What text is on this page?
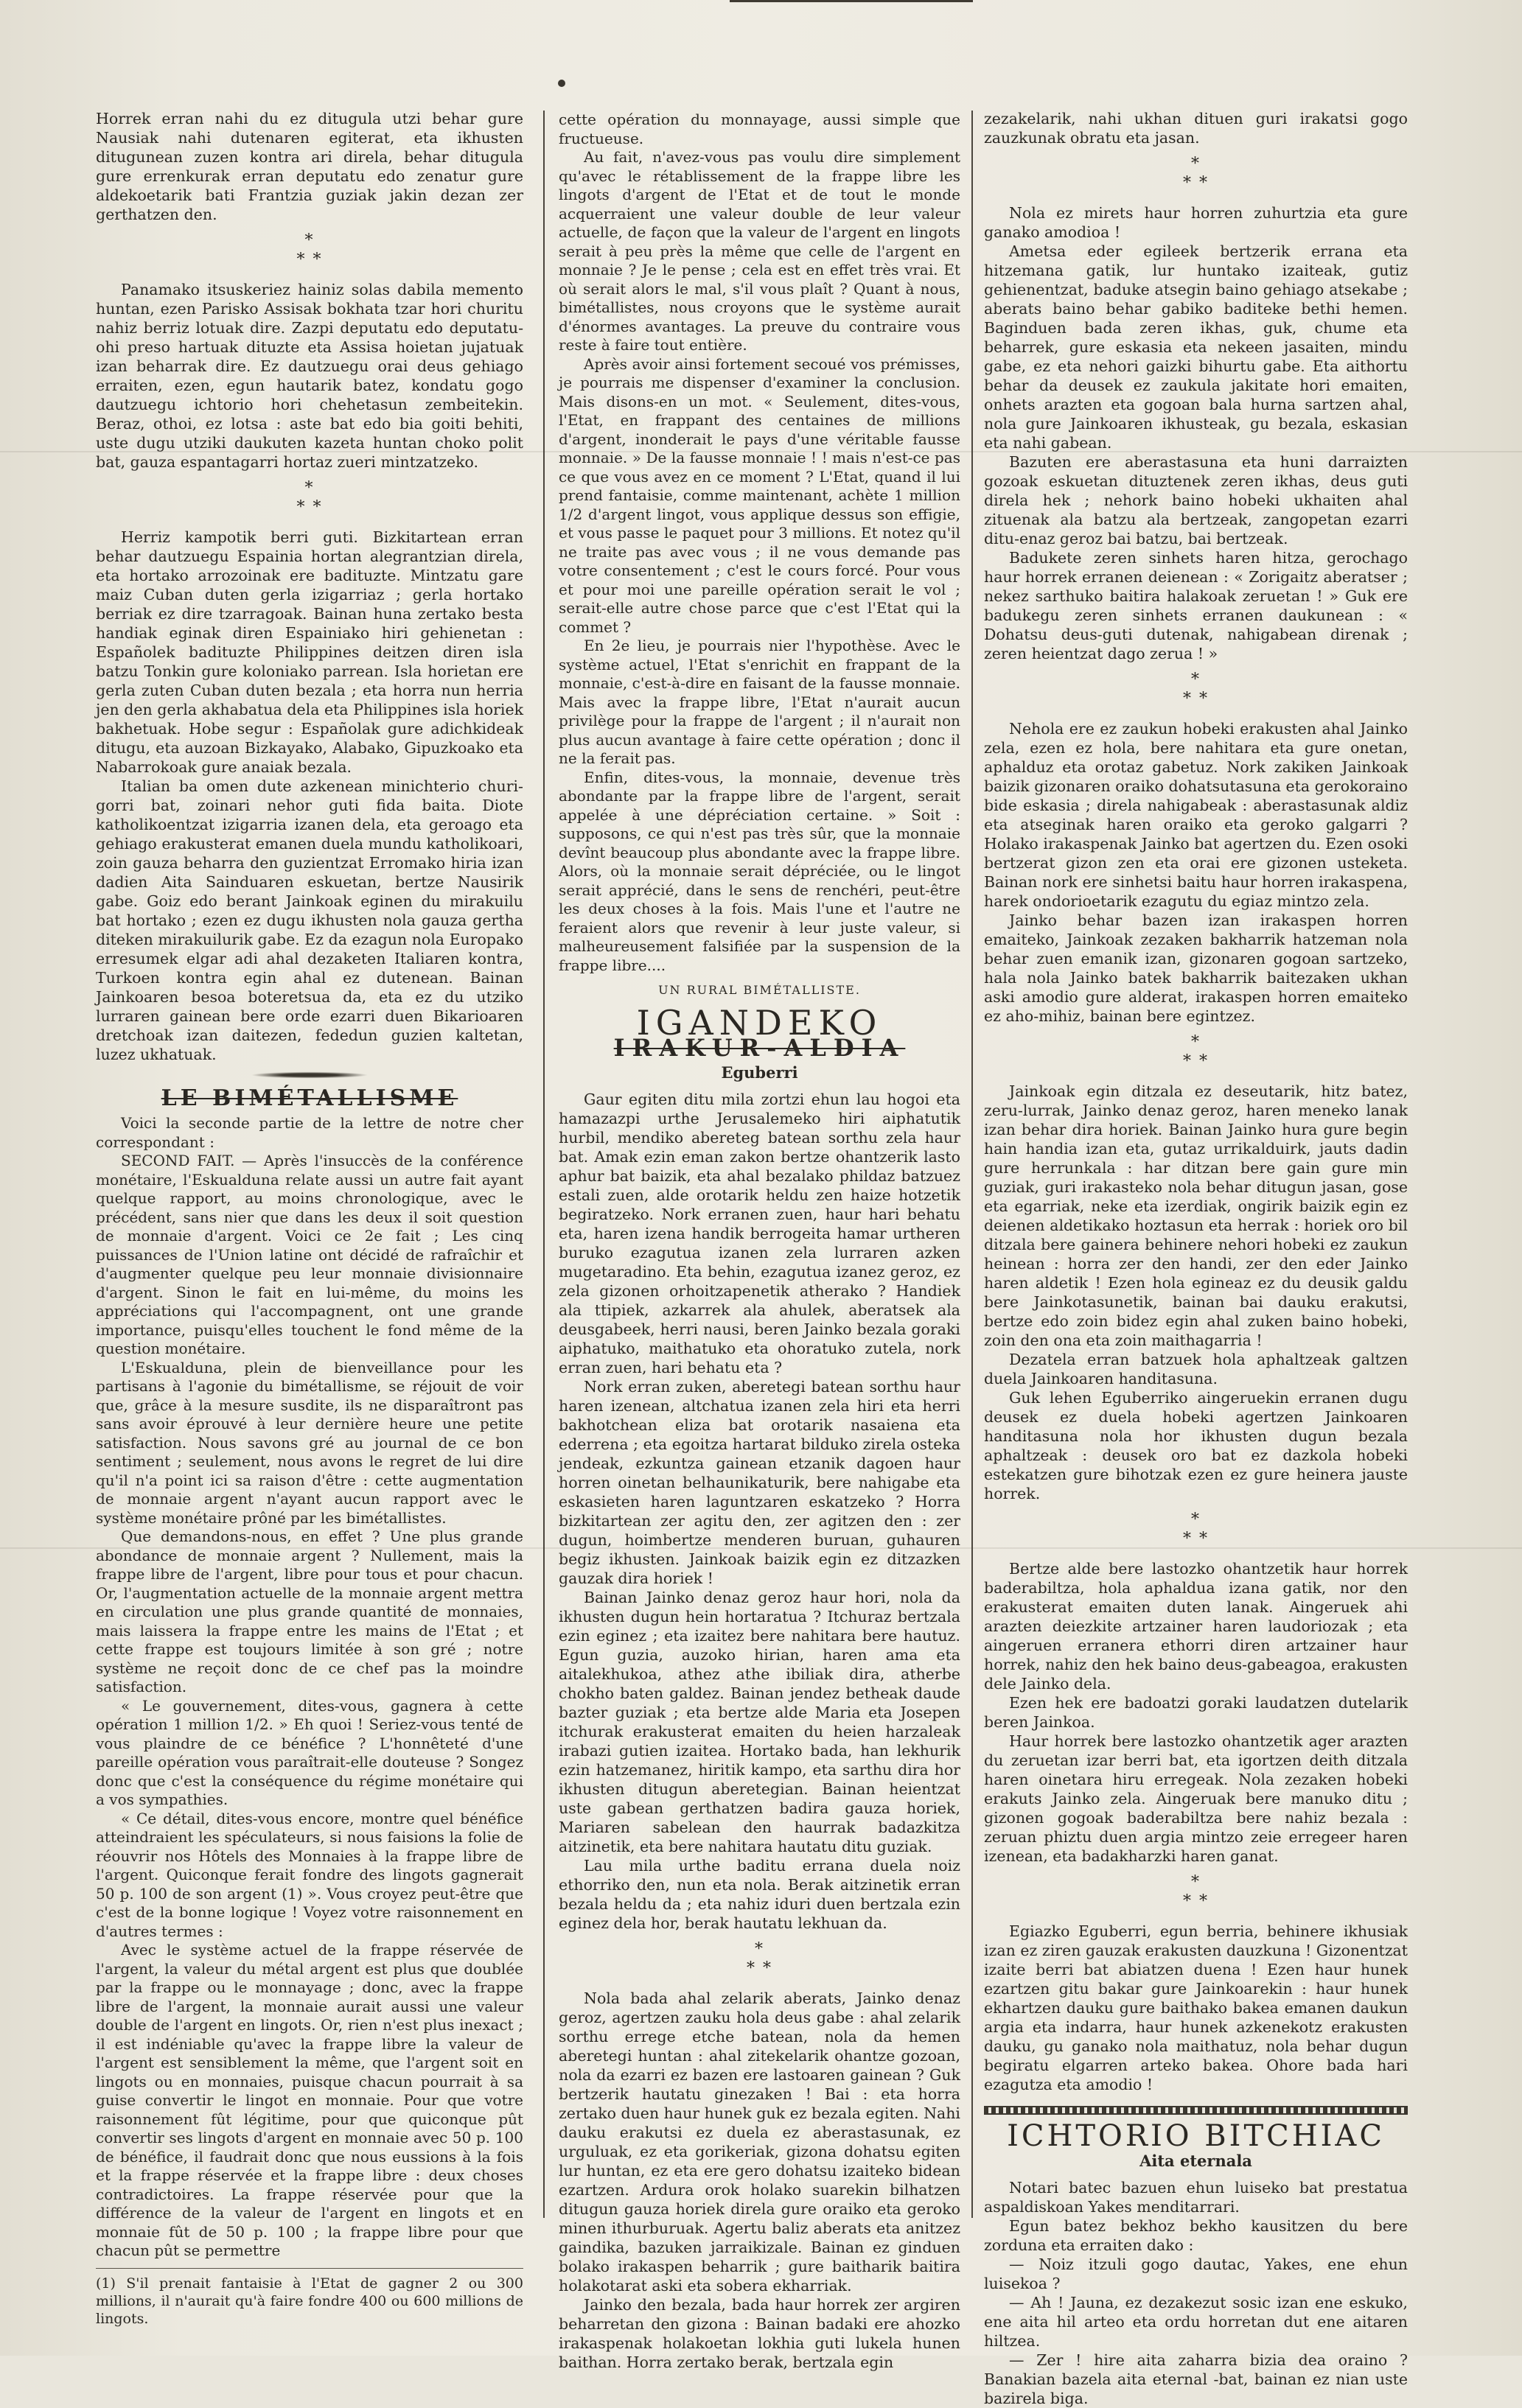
Horrek erran nahi du ez ditugula utzi behar gure Nausiak nahi dutenaren egiterat, eta ikhusten ditugunean zuzen kontra ari direla, behar ditugula gure errenkurak erran deputatu edo zenatur gure aldekoetarik bati Frantzia guziak jakin dezan zer gerthatzen den.

*
* *

Panamako itsuskeriez hainiz solas dabila memento huntan, ezen Parisko Assisak bokhata tzar hori churitu nahiz berriz lotuak dire. Zazpi deputatu edo deputatu-ohi preso hartuak dituzte eta Assisa hoietan jujatuak izan beharrak dire. Ez dautzuegu orai deus gehiago erraiten, ezen, egun hautarik batez, kondatu gogo dautzuegu ichtorio hori chehetasun zembeitekin. Beraz, othoi, ez lotsa : aste bat edo bia goiti behiti, uste dugu utziki daukuten kazeta huntan choko polit bat, gauza espantagarri hortaz zueri mintzatzeko.

*
* *

Herriz kampotik berri guti. Bizkitartean erran behar dautzuegu Espainia hortan alegrantzian direla, eta hortako arrozoinak ere badituzte. Mintzatu gare maiz Cuban duten gerla izigarriaz ; gerla hortako berriak ez dire tzarragoak. Bainan huna zertako besta handiak eginak diren Espainiako hiri gehienetan : Españolek badituzte Philippines deitzen diren isla batzu Tonkin gure koloniako parrean. Isla horietan ere gerla zuten Cuban duten bezala ; eta horra nun herria jen den gerla akhabatua dela eta Philippines isla horiek bakhetuak. Hobe segur : Españolak gure adichkideak ditugu, eta auzoan Bizkayako, Alabako, Gipuzkoako eta Nabarrokoak gure anaiak bezala.

Italian ba omen dute azkenean minichterio churi-gorri bat, zoinari nehor guti fida baita. Diote katholikoentzat izigarria izanen dela, eta geroago eta gehiago erakusterat emanen duela mundu katholikoari, zoin gauza beharra den guzientzat Erromako hiria izan dadien Aita Sainduaren eskuetan, bertze Nausirik gabe. Goiz edo berant Jainkoak eginen du mirakuilu bat hortako ; ezen ez dugu ikhusten nola gauza gertha diteken mirakuilurik gabe. Ez da ezagun nola Europako erresumek elgar adi ahal dezaketen Italiaren kontra, Turkoen kontra egin ahal ez dutenean. Bainan Jainkoaren besoa boteretsua da, eta ez du utziko lurraren gainean bere orde ezarri duen Bikarioaren dretchoak izan daitezen, fededun guzien kaltetan, luzez ukhatuak.

LE BIMÉTALLISME

Voici la seconde partie de la lettre de notre cher correspondant :

SECOND FAIT. — Après l'insuccès de la conférence monétaire, l'Eskualduna relate aussi un autre fait ayant quelque rapport, au moins chronologique, avec le précédent, sans nier que dans les deux il soit question de monnaie d'argent. Voici ce 2e fait ; Les cinq puissances de l'Union latine ont décidé de rafraîchir et d'augmenter quelque peu leur monnaie divisionnaire d'argent. Sinon le fait en lui-même, du moins les appréciations qui l'accompagnent, ont une grande importance, puisqu'elles touchent le fond même de la question monétaire.

L'Eskualduna, plein de bienveillance pour les partisans à l'agonie du bimétallisme, se réjouit de voir que, grâce à la mesure susdite, ils ne disparaîtront pas sans avoir éprouvé à leur dernière heure une petite satisfaction. Nous savons gré au journal de ce bon sentiment ; seulement, nous avons le regret de lui dire qu'il n'a point ici sa raison d'être : cette augmentation de monnaie argent n'ayant aucun rapport avec le système monétaire prôné par les bimétallistes.

Que demandons-nous, en effet ? Une plus grande abondance de monnaie argent ? Nullement, mais la frappe libre de l'argent, libre pour tous et pour chacun. Or, l'augmentation actuelle de la monnaie argent mettra en circulation une plus grande quantité de monnaies, mais laissera la frappe entre les mains de l'Etat ; et cette frappe est toujours limitée à son gré ; notre système ne reçoit donc de ce chef pas la moindre satisfaction.

« Le gouvernement, dites-vous, gagnera à cette opération 1 million 1/2. » Eh quoi ! Seriez-vous tenté de vous plaindre de ce bénéfice ? L'honnêteté d'une pareille opération vous paraîtrait-elle douteuse ? Songez donc que c'est la conséquence du régime monétaire qui a vos sympathies.

« Ce détail, dites-vous encore, montre quel bénéfice atteindraient les spéculateurs, si nous faisions la folie de réouvrir nos Hôtels des Monnaies à la frappe libre de l'argent. Quiconque ferait fondre des lingots gagnerait 50 p. 100 de son argent (1) ». Vous croyez peut-être que c'est de la bonne logique ! Voyez votre raisonnement en d'autres termes :

Avec le système actuel de la frappe réservée de l'argent, la valeur du métal argent est plus que doublée par la frappe ou le monnayage ; donc, avec la frappe libre de l'argent, la monnaie aurait aussi une valeur double de l'argent en lingots. Or, rien n'est plus inexact ; il est indéniable qu'avec la frappe libre la valeur de l'argent est sensiblement la même, que l'argent soit en lingots ou en monnaies, puisque chacun pourrait à sa guise convertir le lingot en monnaie. Pour que votre raisonnement fût légitime, pour que quiconque pût convertir ses lingots d'argent en monnaie avec 50 p. 100 de bénéfice, il faudrait donc que nous eussions à la fois et la frappe réservée et la frappe libre : deux choses contradictoires. La frappe réservée pour que la différence de la valeur de l'argent en lingots et en monnaie fût de 50 p. 100 ; la frappe libre pour que chacun pût se permettre

(1) S'il prenait fantaisie à l'Etat de gagner 2 ou 300 millions, il n'aurait qu'à faire fondre 400 ou 600 millions de lingots.

cette opération du monnayage, aussi simple que fructueuse.

Au fait, n'avez-vous pas voulu dire simplement qu'avec le rétablissement de la frappe libre les lingots d'argent de l'Etat et de tout le monde acquerraient une valeur double de leur valeur actuelle, de façon que la valeur de l'argent en lingots serait à peu près la même que celle de l'argent en monnaie ? Je le pense ; cela est en effet très vrai. Et où serait alors le mal, s'il vous plaît ? Quant à nous, bimétallistes, nous croyons que le système aurait d'énormes avantages. La preuve du contraire vous reste à faire tout entière.

Après avoir ainsi fortement secoué vos prémisses, je pourrais me dispenser d'examiner la conclusion. Mais disons-en un mot. « Seulement, dites-vous, l'Etat, en frappant des centaines de millions d'argent, inonderait le pays d'une véritable fausse monnaie. » De la fausse monnaie ! ! mais n'est-ce pas ce que vous avez en ce moment ? L'Etat, quand il lui prend fantaisie, comme maintenant, achète 1 million 1/2 d'argent lingot, vous applique dessus son effigie, et vous passe le paquet pour 3 millions. Et notez qu'il ne traite pas avec vous ; il ne vous demande pas votre consentement ; c'est le cours forcé. Pour vous et pour moi une pareille opération serait le vol ; serait-elle autre chose parce que c'est l'Etat qui la commet ?

En 2e lieu, je pourrais nier l'hypothèse. Avec le système actuel, l'Etat s'enrichit en frappant de la monnaie, c'est-à-dire en faisant de la fausse monnaie. Mais avec la frappe libre, l'Etat n'aurait aucun privilège pour la frappe de l'argent ; il n'aurait non plus aucun avantage à faire cette opération ; donc il ne la ferait pas.

Enfin, dites-vous, la monnaie, devenue très abondante par la frappe libre de l'argent, serait appelée à une dépréciation certaine. » Soit : supposons, ce qui n'est pas très sûr, que la monnaie devînt beaucoup plus abondante avec la frappe libre. Alors, où la monnaie serait dépréciée, ou le lingot serait apprécié, dans le sens de renchéri, peut-être les deux choses à la fois. Mais l'une et l'autre ne feraient alors que revenir à leur juste valeur, si malheureusement falsifiée par la suspension de la frappe libre....

UN RURAL BIMÉTALLISTE.
IGANDEKO
IRAKUR-ALDIA
Eguberri

Gaur egiten ditu mila zortzi ehun lau hogoi eta hamazazpi urthe Jerusalemeko hiri aiphatutik hurbil, mendiko abereteg batean sorthu zela haur bat. Amak ezin eman zakon bertze ohantzerik lasto aphur bat baizik, eta ahal bezalako phildaz batzuez estali zuen, alde orotarik heldu zen haize hotzetik begiratzeko. Nork erranen zuen, haur hari behatu eta, haren izena handik berrogeita hamar urtheren buruko ezagutua izanen zela lurraren azken mugetaradino. Eta behin, ezagutua izanez geroz, ez zela gizonen orhoitzapenetik atherako ? Handiek ala ttipiek, azkarrek ala ahulek, aberatsek ala deusgabeek, herri nausi, beren Jainko bezala goraki aiphatuko, maithatuko eta ohoratuko zutela, nork erran zuen, hari behatu eta ?

Nork erran zuken, aberetegi batean sorthu haur haren izenean, altchatua izanen zela hiri eta herri bakhotchean eliza bat orotarik nasaiena eta ederrena ; eta egoitza hartarat bilduko zirela osteka jendeak, ezkuntza gainean etzanik dagoen haur horren oinetan belhaunikaturik, bere nahigabe eta eskasieten haren laguntzaren eskatzeko ? Horra bizkitartean zer agitu den, zer agitzen den : zer dugun, hoimbertze menderen buruan, guhauren begiz ikhusten. Jainkoak baizik egin ez ditzazken gauzak dira horiek !

Bainan Jainko denaz geroz haur hori, nola da ikhusten dugun hein hortaratua ? Itchuraz bertzala ezin eginez ; eta izaitez bere nahitara bere hautuz. Egun guzia, auzoko hirian, haren ama eta aitalekhukoa, athez athe ibiliak dira, atherbe chokho baten galdez. Bainan jendez betheak daude bazter guziak ; eta bertze alde Maria eta Josepen itchurak erakusterat emaiten du heien harzaleak irabazi gutien izaitea. Hortako bada, han lekhurik ezin hatzemanez, hiritik kampo, eta sarthu dira hor ikhusten ditugun aberetegian. Bainan heientzat uste gabean gerthatzen badira gauza horiek, Mariaren sabelean den haurrak badazkitza aitzinetik, eta bere nahitara hautatu ditu guziak.

Lau mila urthe baditu errana duela noiz ethorriko den, nun eta nola. Berak aitzinetik erran bezala heldu da ; eta nahiz iduri duen bertzala ezin eginez dela hor, berak hautatu lekhuan da.

*
* *

Nola bada ahal zelarik aberats, Jainko denaz geroz, agertzen zauku hola deus gabe : ahal zelarik sorthu errege etche batean, nola da hemen aberetegi huntan : ahal zitekelarik ohantze gozoan, nola da ezarri ez bazen ere lastoaren gainean ? Guk bertzerik hautatu ginezaken ! Bai : eta horra zertako duen haur hunek guk ez bezala egiten. Nahi dauku erakutsi ez duela ez aberastasunak, ez urguluak, ez eta gorikeriak, gizona dohatsu egiten lur huntan, ez eta ere gero dohatsu izaiteko bidean ezartzen. Ardura orok holako suarekin bilhatzen ditugun gauza horiek direla gure oraiko eta geroko minen ithurburuak. Agertu baliz aberats eta anitzez gaindika, bazuken jarraikizale. Bainan ez ginduen bolako irakaspen beharrik ; gure baitharik baitira holakotarat aski eta sobera ekharriak.

Jainko den bezala, bada haur horrek zer argiren beharretan den gizona : Bainan badaki ere ahozko irakaspenak holakoetan lokhia guti lukela hunen baithan. Horra zertako berak, bertzala egin

zezakelarik, nahi ukhan dituen guri irakatsi gogo zauzkunak obratu eta jasan.

*
* *

Nola ez mirets haur horren zuhurtzia eta gure ganako amodioa !

Ametsa eder egileek bertzerik errana eta hitzemana gatik, lur huntako izaiteak, gutiz gehienentzat, baduke atsegin baino gehiago atsekabe ; aberats baino behar gabiko baditeke bethi hemen. Baginduen bada zeren ikhas, guk, chume eta beharrek, gure eskasia eta nekeen jasaiten, mindu gabe, ez eta nehori gaizki bihurtu gabe. Eta aithortu behar da deusek ez zaukula jakitate hori emaiten, onhets arazten eta gogoan bala hurna sartzen ahal, nola gure Jainkoaren ikhusteak, gu bezala, eskasian eta nahi gabean.

Bazuten ere aberastasuna eta huni darraizten gozoak eskuetan dituztenek zeren ikhas, deus guti direla hek ; nehork baino hobeki ukhaiten ahal zituenak ala batzu ala bertzeak, zangopetan ezarri ditu-enaz geroz bai batzu, bai bertzeak.

Badukete zeren sinhets haren hitza, gerochago haur horrek erranen deienean : « Zorigaitz aberatser ; nekez sarthuko baitira halakoak zeruetan ! » Guk ere badukegu zeren sinhets erranen daukunean : « Dohatsu deus-guti dutenak, nahigabean direnak ; zeren heientzat dago zerua ! »

*
* *

Nehola ere ez zaukun hobeki erakusten ahal Jainko zela, ezen ez hola, bere nahitara eta gure onetan, aphalduz eta orotaz gabetuz. Nork zakiken Jainkoak baizik gizonaren oraiko dohatsutasuna eta gerokoraino bide eskasia ; direla nahigabeak : aberastasunak aldiz eta atseginak haren oraiko eta geroko galgarri ? Holako irakaspenak Jainko bat agertzen du. Ezen osoki bertzerat gizon zen eta orai ere gizonen usteketa. Bainan nork ere sinhetsi baitu haur horren irakaspena, harek ondorioetarik ezagutu du egiaz mintzo zela.

Jainko behar bazen izan irakaspen horren emaiteko, Jainkoak zezaken bakharrik hatzeman nola behar zuen emanik izan, gizonaren gogoan sartzeko, hala nola Jainko batek bakharrik baitezaken ukhan aski amodio gure alderat, irakaspen horren emaiteko ez aho-mihiz, bainan bere egintzez.

*
* *

Jainkoak egin ditzala ez deseutarik, hitz batez, zeru-lurrak, Jainko denaz geroz, haren meneko lanak izan behar dira horiek. Bainan Jainko hura gure begin hain handia izan eta, gutaz urrikalduirk, jauts dadin gure herrunkala : har ditzan bere gain gure min guziak, guri irakasteko nola behar ditugun jasan, gose eta egarriak, neke eta izerdiak, ongirik baizik egin ez deienen aldetikako hoztasun eta herrak : horiek oro bil ditzala bere gainera behinere nehori hobeki ez zaukun heinean : horra zer den handi, zer den eder Jainko haren aldetik ! Ezen hola egineaz ez du deusik galdu bere Jainkotasunetik, bainan bai dauku erakutsi, bertze edo zoin bidez egin ahal zuken baino hobeki, zoin den ona eta zoin maithagarria !

Dezatela erran batzuek hola aphaltzeak galtzen duela Jainkoaren handitasuna.

Guk lehen Eguberriko aingeruekin erranen dugu deusek ez duela hobeki agertzen Jainkoaren handitasuna nola hor ikhusten dugun bezala aphaltzeak : deusek oro bat ez dazkola hobeki estekatzen gure bihotzak ezen ez gure heinera jauste horrek.

*
* *

Bertze alde bere lastozko ohantzetik haur horrek baderabiltza, hola aphaldua izana gatik, nor den erakusterat emaiten duten lanak. Aingeruek ahi arazten deiezkite artzainer haren laudoriozak ; eta aingeruen erranera ethorri diren artzainer haur horrek, nahiz den hek baino deus-gabeagoa, erakusten dele Jainko dela.

Ezen hek ere badoatzi goraki laudatzen dutelarik beren Jainkoa.

Haur horrek bere lastozko ohantzetik ager arazten du zeruetan izar berri bat, eta igortzen deith ditzala haren oinetara hiru erregeak. Nola zezaken hobeki erakuts Jainko zela. Aingeruak bere manuko ditu ; gizonen gogoak baderabiltza bere nahiz bezala : zeruan phiztu duen argia mintzo zeie erregeer haren izenean, eta badakharzki haren ganat.

*
* *

Egiazko Eguberri, egun berria, behinere ikhusiak izan ez ziren gauzak erakusten dauzkuna ! Gizonentzat izaite berri bat abiatzen duena ! Ezen haur hunek ezartzen gitu bakar gure Jainkoarekin : haur hunek ekhartzen dauku gure baithako bakea emanen daukun argia eta indarra, haur hunek azkenekotz erakusten dauku, gu ganako nola maithatuz, nola behar dugun begiratu elgarren arteko bakea. Ohore bada hari ezagutza eta amodio !

ICHTORIO BITCHIAC
Aita eternala

Notari batec bazuen ehun luiseko bat prestatua aspaldiskoan Yakes menditarrari.

Egun batez bekhoz bekho kausitzen du bere zorduna eta erraiten dako :

— Noiz itzuli gogo dautac, Yakes, ene ehun luisekoa ?

— Ah ! Jauna, ez dezakezut sosic izan ene eskuko, ene aita hil arteo eta ordu horretan dut ene aitaren hiltzea.

— Zer ! hire aita zaharra bizia dea oraino ? Banakian bazela aita eternal -bat, bainan ez nian uste bazirela biga.
